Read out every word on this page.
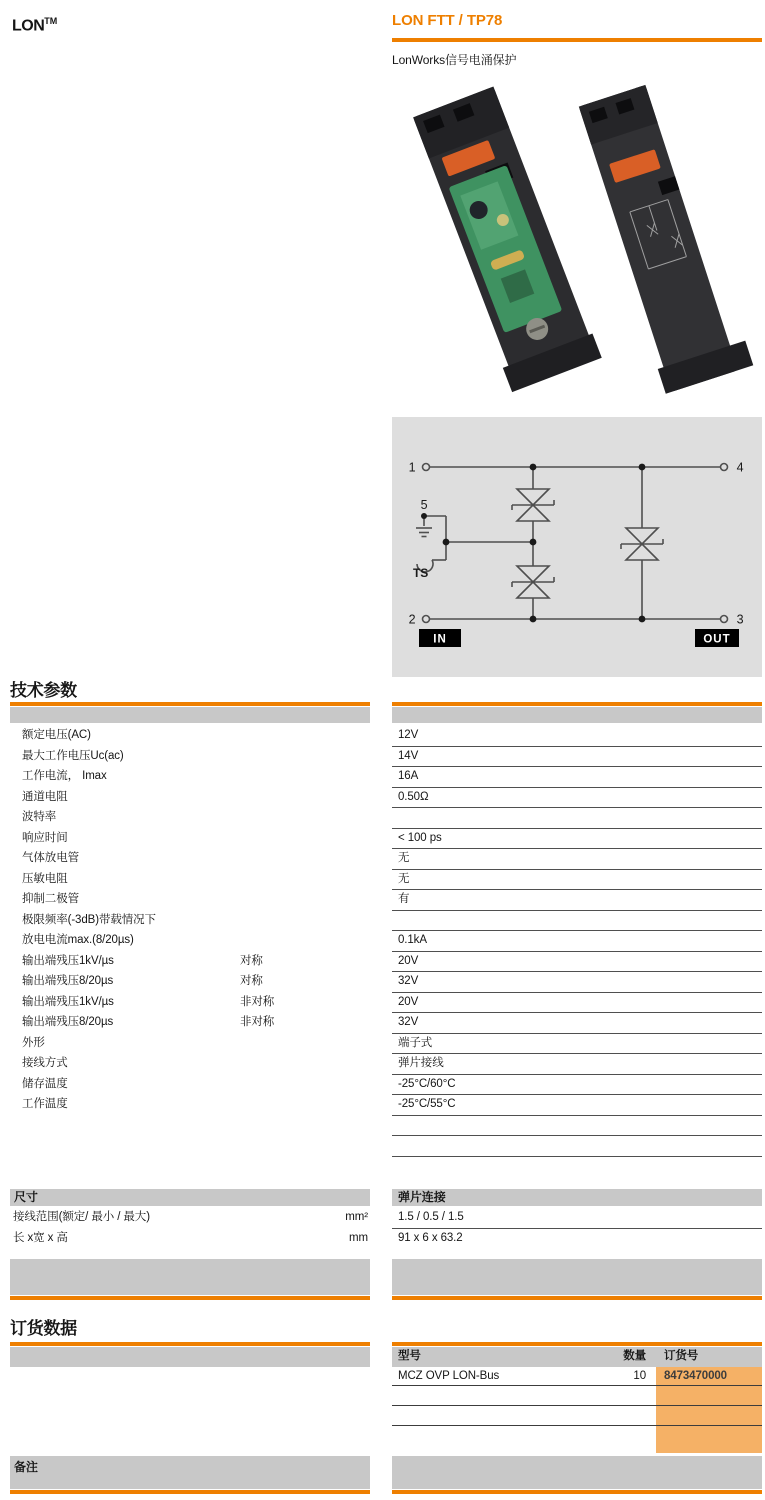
LON™	LON FTT / TP78
LonWorks信号电涌保护
1	4
2	3
5
TS
IN	OUT
技术参数
额定电压(AC)	12V
最大工作电压Uc(ac)	14V
工作电流， Imax	16A
通道电阻	0.50Ω
波特率
响应时间	< 100 ps
气体放电管	无
压敏电阻	无
抑制二极管	有
极限频率(-3dB)带载情况下
放电电流max.(8/20µs)	0.1kA
输出端残压1kV/µs	对称	20V
输出端残压8/20µs	对称	32V
输出端残压1kV/µs	非对称	20V
输出端残压8/20µs	非对称	32V
外形	端子式
接线方式	弹片接线
储存温度	-25°C/60°C
工作温度	-25°C/55°C
尺寸	弹片连接
接线范围(额定/ 最小 / 最大)	mm²	1.5 / 0.5 / 1.5
长 x宽 x 高	mm	91 x 6 x 63.2
订货数据
型号	数量	订货号
MCZ OVP LON-Bus	10	8473470000
备注
